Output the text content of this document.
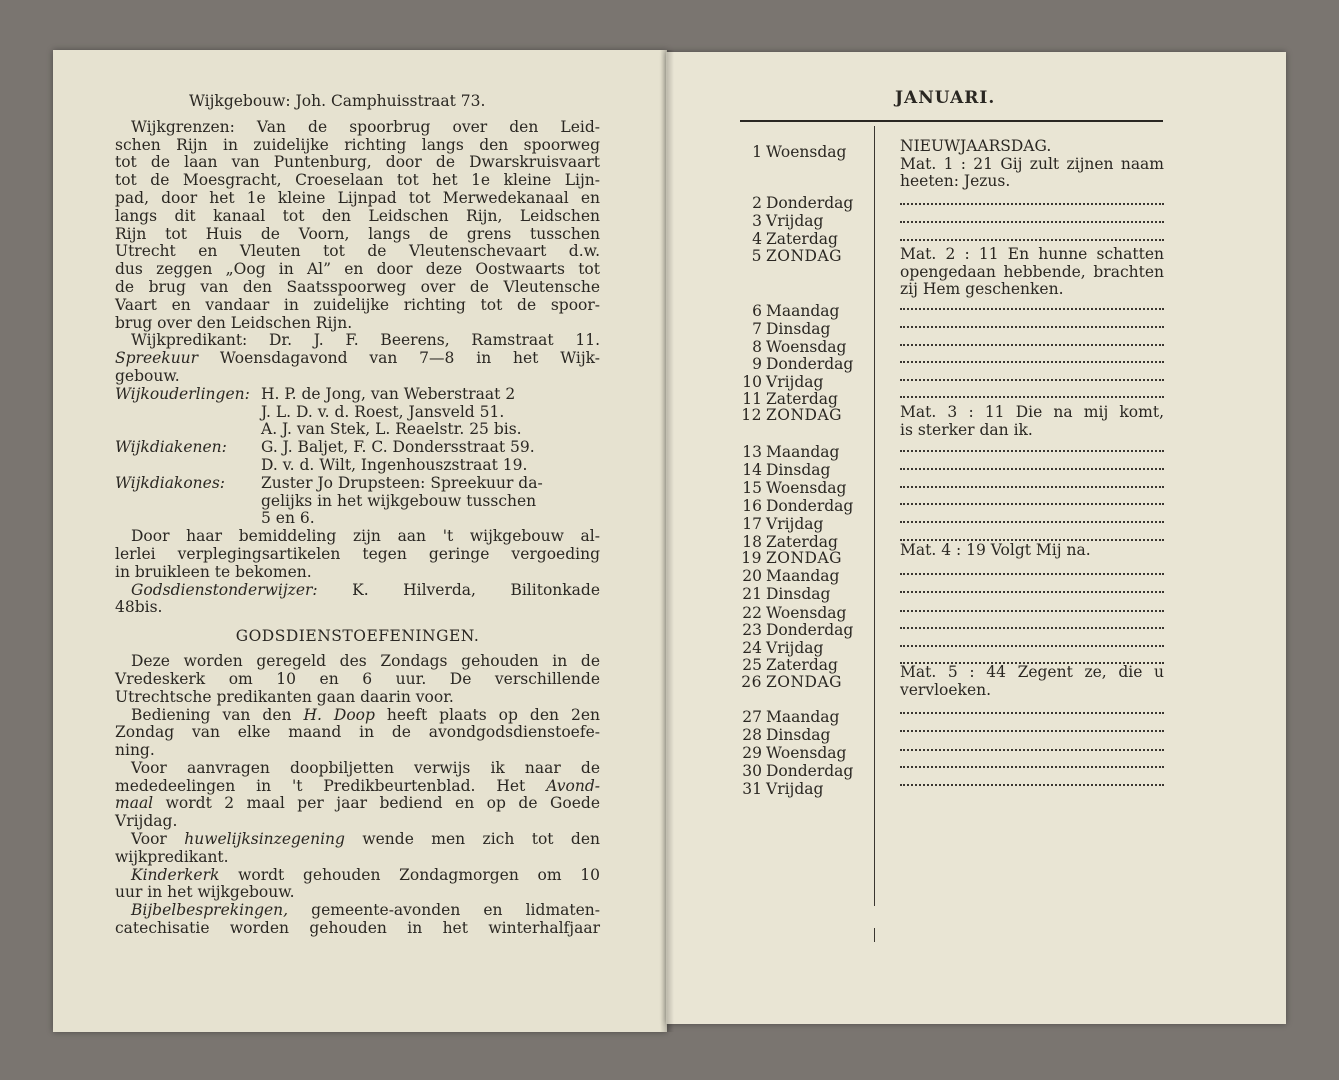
Wijkgebouw: Joh. Camphuisstraat 73.
Wijkgrenzen: Van de spoorbrug over den Leid-
schen Rijn in zuidelijke richting langs den spoorweg
tot de laan van Puntenburg, door de Dwarskruisvaart
tot de Moesgracht, Croeselaan tot het 1e kleine Lijn-
pad, door het 1e kleine Lijnpad tot Merwedekanaal en
langs dit kanaal tot den Leidschen Rijn, Leidschen
Rijn tot Huis de Voorn, langs de grens tusschen
Utrecht en Vleuten tot de Vleutenschevaart d.w.
dus zeggen „Oog in Al” en door deze Oostwaarts tot
de brug van den Saatsspoorweg over de Vleutensche
Vaart en vandaar in zuidelijke richting tot de spoor-
brug over den Leidschen Rijn.
Wijkpredikant: Dr. J. F. Beerens, Ramstraat 11.
Spreekuur Woensdagavond van 7—8 in het Wijk-
gebouw.
Wijkouderlingen: H. P. de Jong, van Weberstraat 2
J. L. D. v. d. Roest, Jansveld 51.
A. J. van Stek, L. Reaelstr. 25 bis.
Wijkdiakenen:	G. J. Baljet, F. C. Dondersstraat 59.
D. v. d. Wilt, Ingenhouszstraat 19.
Wijkdiakones:	Zuster Jo Drupsteen: Spreekuur da-
gelijks in het wijkgebouw tusschen
5 en 6.
Door haar bemiddeling zijn aan 't wijkgebouw al-
lerlei verplegingsartikelen tegen geringe vergoeding
in bruikleen te bekomen.
Godsdienstonderwijzer: K. Hilverda, Bilitonkade
48bis.
GODSDIENSTOEFENINGEN.
Deze worden geregeld des Zondags gehouden in de
Vredeskerk om 10 en 6 uur. De verschillende
Utrechtsche predikanten gaan daarin voor.
Bediening van den H. Doop heeft plaats op den 2en
Zondag van elke maand in de avondgodsdienstoefe-
ning.
Voor aanvragen doopbiljetten verwijs ik naar de
mededeelingen in 't Predikbeurtenblad. Het Avond-
maal wordt 2 maal per jaar bediend en op de Goede
Vrijdag.
Voor huwelijksinzegening wende men zich tot den
wijkpredikant.
Kinderkerk wordt gehouden Zondagmorgen om 10
uur in het wijkgebouw.
Bijbelbesprekingen, gemeente-avonden en lidmaten-
catechisatie worden gehouden in het winterhalfjaar
JANUARI.
1 Woensdag
2 Donderdag
3 Vrijdag
4 Zaterdag
5 ZONDAG
6 Maandag
7 Dinsdag
8 Woensdag
9 Donderdag
10 Vrijdag
11 Zaterdag
12 ZONDAG
13 Maandag
14 Dinsdag
15 Woensdag
16 Donderdag
17 Vrijdag
18 Zaterdag
19 ZONDAG
20 Maandag
21 Dinsdag
22 Woensdag
23 Donderdag
24 Vrijdag
25 Zaterdag
26 ZONDAG
27 Maandag
28 Dinsdag
29 Woensdag
30 Donderdag
31 Vrijdag
NIEUWJAARSDAG.
Mat. 1 : 21 Gij zult zijnen naam
heeten: Jezus.
Mat. 2 : 11 En hunne schatten
opengedaan hebbende, brachten
zij Hem geschenken.
Mat. 3 : 11 Die na mij komt,
is sterker dan ik.
Mat. 4 : 19 Volgt Mij na.
Mat. 5 : 44 Zegent ze, die u
vervloeken.
